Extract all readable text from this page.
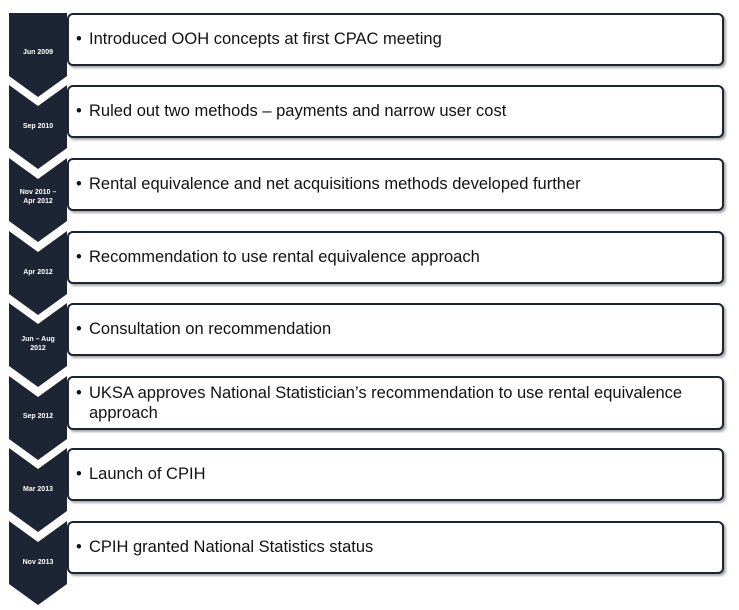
Jun 2009
• Introduced OOH concepts at first CPAC meeting
Sep 2010
• Ruled out two methods – payments and narrow user cost
Nov 2010 –
Apr 2012
• Rental equivalence and net acquisitions methods developed further
Apr 2012
• Recommendation to use rental equivalence approach
Jun – Aug
2012
• Consultation on recommendation
Sep 2012
• UKSA approves National Statistician’s recommendation to use rental equivalence approach
Mar 2013
• Launch of CPIH
Nov 2013
• CPIH granted National Statistics status
